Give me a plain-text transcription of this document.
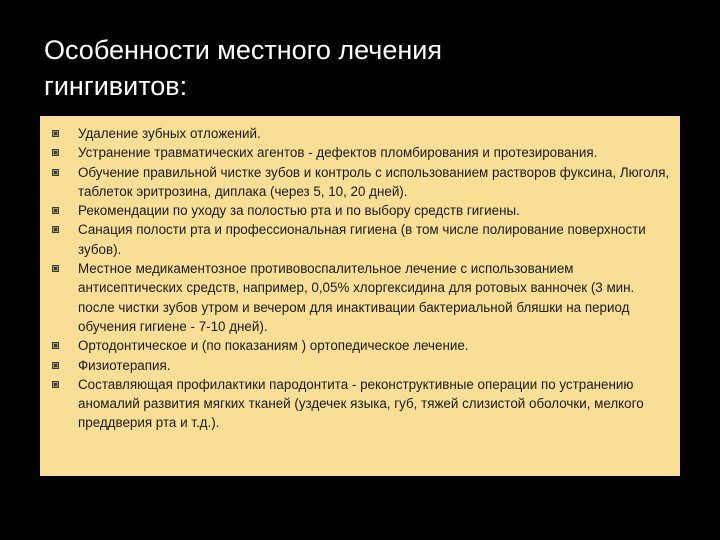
Особенности местного лечения
гингивитов:
Удаление зубных отложений.
Устранение травматических агентов - дефектов пломбирования и протезирования.
Обучение правильной чистке зубов и контроль с использованием растворов фуксина, Люголя, таблеток эритрозина, диплака (через 5, 10, 20 дней).
Рекомендации по уходу за полостью рта и по выбору средств гигиены.
Санация полости рта и профессиональная гигиена (в том числе полирование поверхности зубов).
Местное медикаментозное противовоспалительное лечение с использованием антисептических средств, например, 0,05% хлоргексидина для ротовых ванночек (3 мин. после чистки зубов утром и вечером для инактивации бактериальной бляшки на период обучения гигиене - 7-10 дней).
Ортодонтическое и (по показаниям ) ортопедическое лечение.
Физиотерапия.
Составляющая профилактики пародонтита - реконструктивные операции по устранению аномалий развития мягких тканей (уздечек языка, губ, тяжей слизистой оболочки, мелкого преддверия рта и т.д.).
